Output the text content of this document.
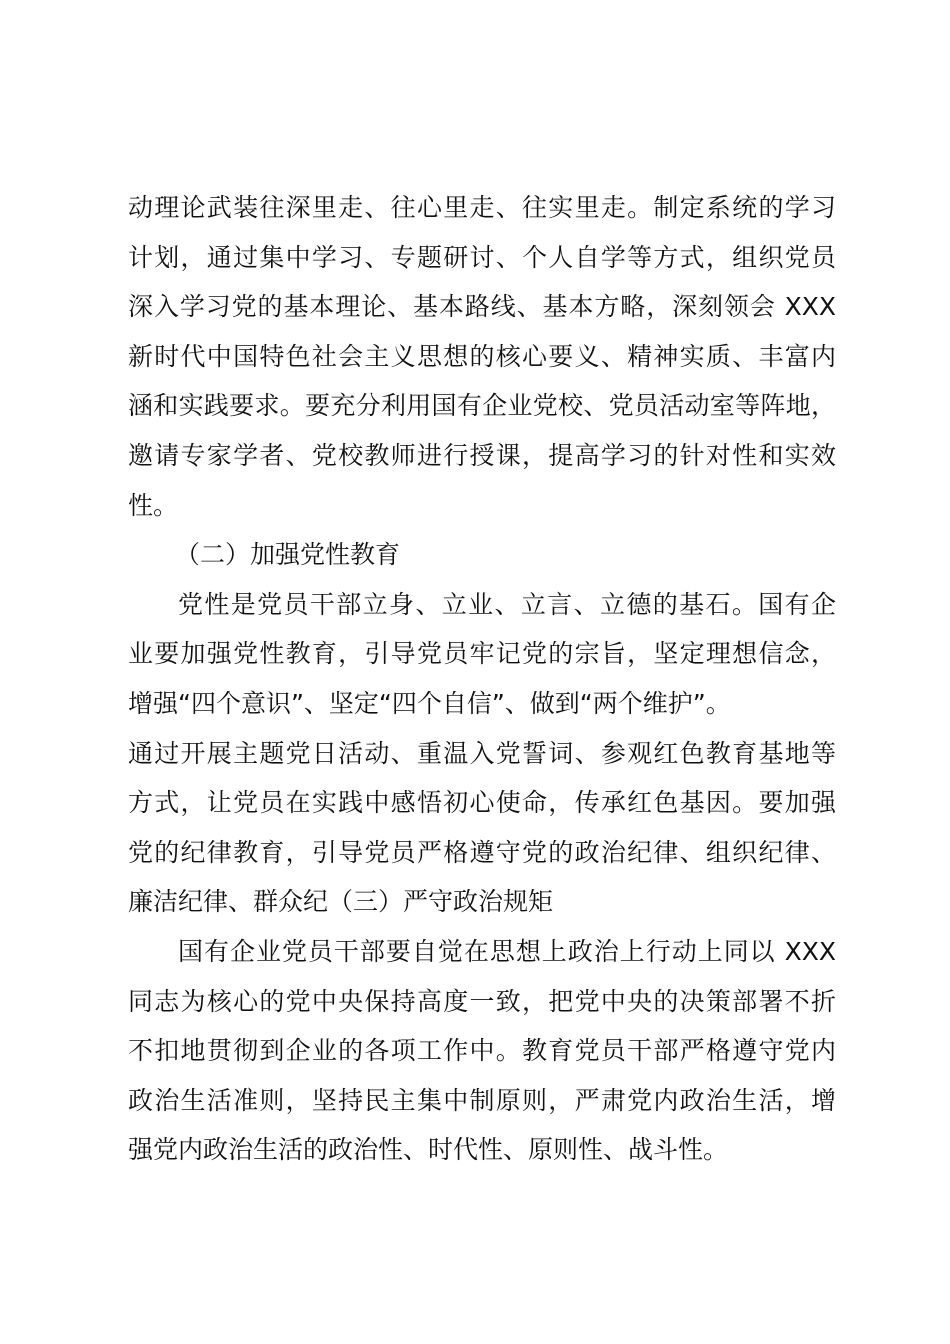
动理论武装往深里走、往心里走、往实里走。制定系统的学习

计划，通过集中学习、专题研讨、个人自学等方式，组织党员

深入学习党的基本理论、基本路线、基本方略，深刻领会 XXX

新时代中国特色社会主义思想的核心要义、精神实质、丰富内

涵和实践要求。要充分利用国有企业党校、党员活动室等阵地，

邀请专家学者、党校教师进行授课，提高学习的针对性和实效

性。

（二）加强党性教育

党性是党员干部立身、立业、立言、立德的基石。国有企

业要加强党性教育，引导党员牢记党的宗旨，坚定理想信念，

增强“四个意识”、坚定“四个自信”、做到“两个维护”。

通过开展主题党日活动、重温入党誓词、参观红色教育基地等

方式，让党员在实践中感悟初心使命，传承红色基因。要加强

党的纪律教育，引导党员严格遵守党的政治纪律、组织纪律、

廉洁纪律、群众纪（三）严守政治规矩

国有企业党员干部要自觉在思想上政治上行动上同以 XXX

同志为核心的党中央保持高度一致，把党中央的决策部署不折

不扣地贯彻到企业的各项工作中。教育党员干部严格遵守党内

政治生活准则，坚持民主集中制原则，严肃党内政治生活，增

强党内政治生活的政治性、时代性、原则性、战斗性。
